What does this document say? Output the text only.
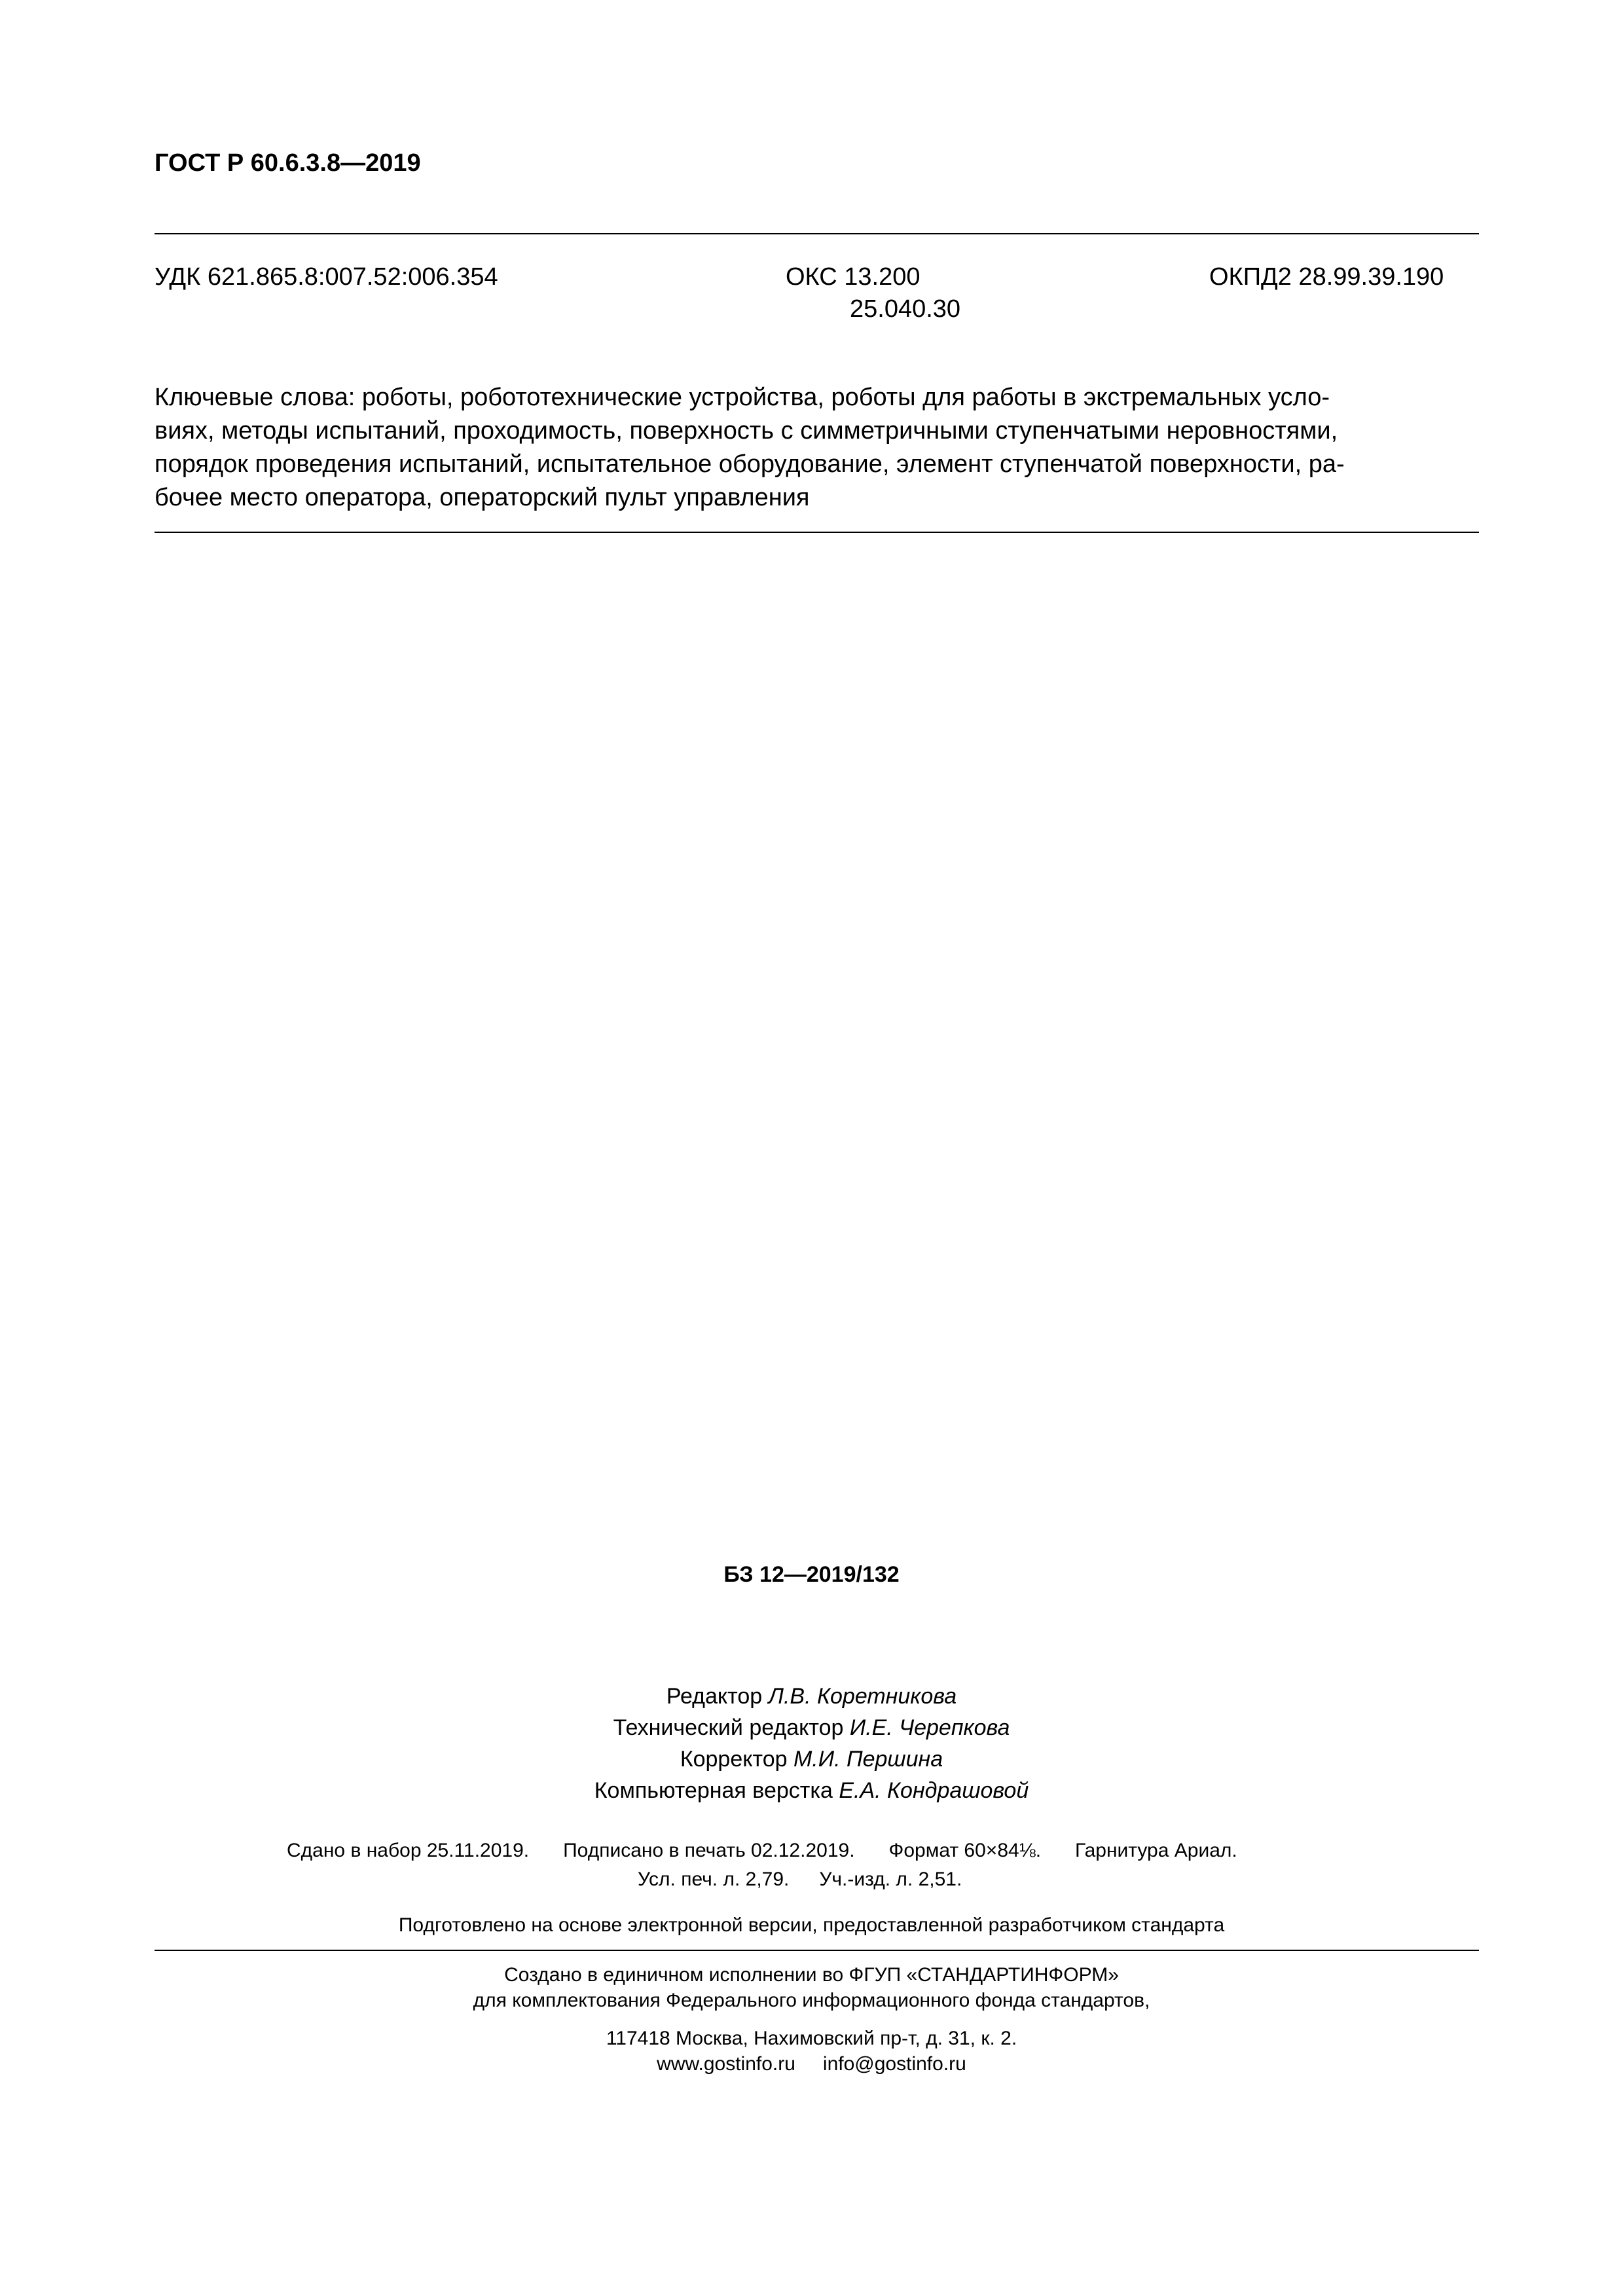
ГОСТ Р 60.6.3.8—2019
УДК 621.865.8:007.52:006.354	ОКС 13.200
25.040.30
ОКПД2 28.99.39.190
Ключевые слова: роботы, робототехнические устройства, роботы для работы в экстремальных усло-
виях, методы испытаний, проходимость, поверхность с симметричными ступенчатыми неровностями,
порядок проведения испытаний, испытательное оборудование, элемент ступенчатой поверхности, ра-
бочее место оператора, операторский пульт управления
БЗ 12—2019/132
Редактор Л.В. Коретникова
Технический редактор И.Е. Черепкова
Корректор М.И. Першина
Компьютерная верстка Е.А. Кондрашовой
Сдано в набор 25.11.2019. Подписано в печать 02.12.2019. Формат 60×84⅛. Гарнитура Ариал.
Усл. печ. л. 2,79. Уч.-изд. л. 2,51.
Подготовлено на основе электронной версии, предоставленной разработчиком стандарта
Создано в единичном исполнении во ФГУП «СТАНДАРТИНФОРМ»
для комплектования Федерального информационного фонда стандартов,
117418 Москва, Нахимовский пр-т, д. 31, к. 2.
www.gostinfo.ru info@gostinfo.ru
